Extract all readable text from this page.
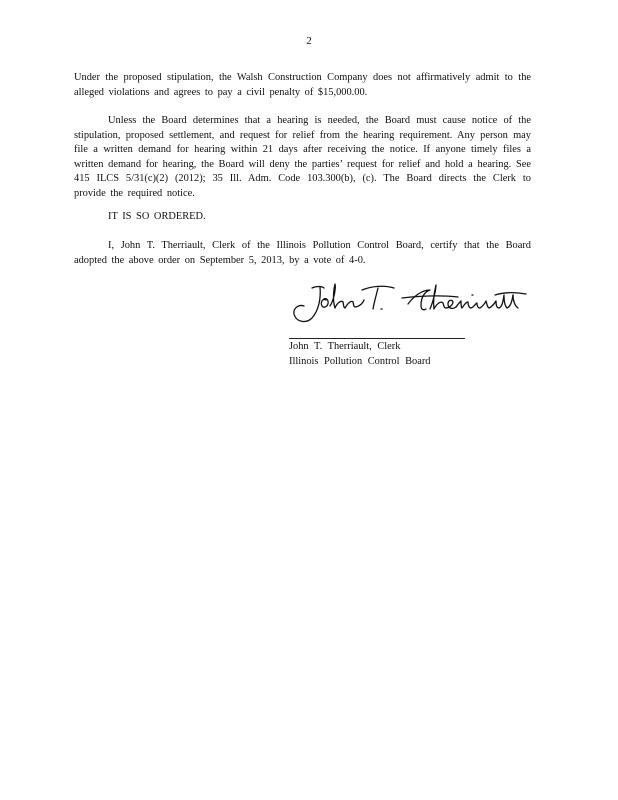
2

Under the proposed stipulation, the Walsh Construction Company does not affirmatively admit to the alleged violations and agrees to pay a civil penalty of $15,000.00.

Unless the Board determines that a hearing is needed, the Board must cause notice of the stipulation, proposed settlement, and request for relief from the hearing requirement. Any person may file a written demand for hearing within 21 days after receiving the notice. If anyone timely files a written demand for hearing, the Board will deny the parties’ request for relief and hold a hearing. See 415 ILCS 5/31(c)(2) (2012); 35 Ill. Adm. Code 103.300(b), (c). The Board directs the Clerk to provide the required notice.

IT IS SO ORDERED.

I, John T. Therriault, Clerk of the Illinois Pollution Control Board, certify that the Board adopted the above order on September 5, 2013, by a vote of 4-0.

John T. Therriault, Clerk
Illinois Pollution Control Board
